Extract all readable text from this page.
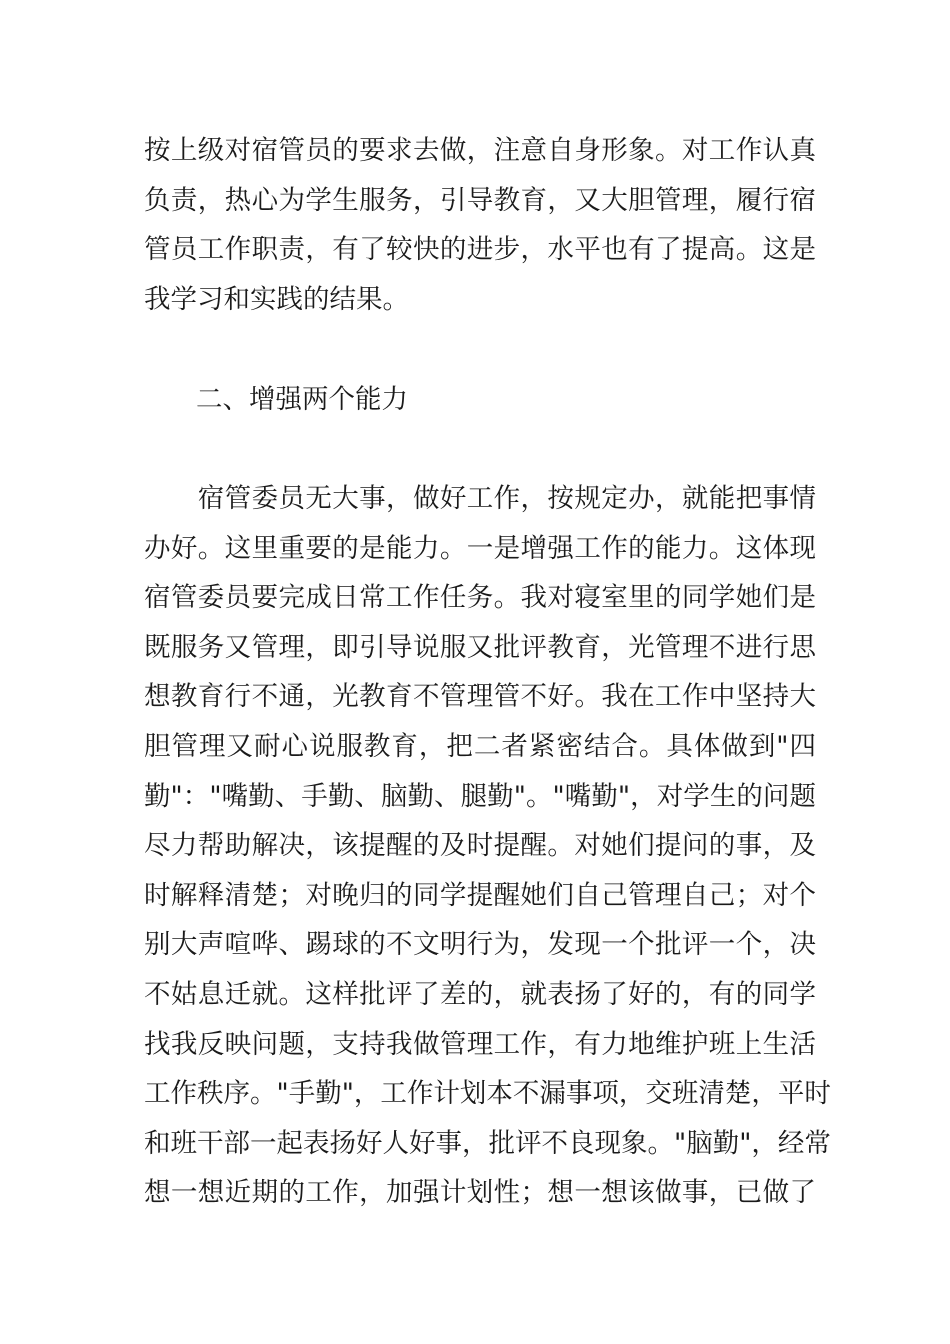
按上级对宿管员的要求去做，注意自身形象。对工作认真
负责，热心为学生服务，引导教育，又大胆管理，履行宿
管员工作职责，有了较快的进步，水平也有了提高。这是
我学习和实践的结果。
二、增强两个能力
　　宿管委员无大事，做好工作，按规定办，就能把事情
办好。这里重要的是能力。一是增强工作的能力。这体现
宿管委员要完成日常工作任务。我对寝室里的同学她们是
既服务又管理，即引导说服又批评教育，光管理不进行思
想教育行不通，光教育不管理管不好。我在工作中坚持大
胆管理又耐心说服教育，把二者紧密结合。具体做到"四
勤"："嘴勤、手勤、脑勤、腿勤"。"嘴勤"，对学生的问题
尽力帮助解决，该提醒的及时提醒。对她们提问的事，及
时解释清楚；对晚归的同学提醒她们自己管理自己；对个
别大声喧哗、踢球的不文明行为，发现一个批评一个，决
不姑息迁就。这样批评了差的，就表扬了好的，有的同学
找我反映问题，支持我做管理工作，有力地维护班上生活
工作秩序。"手勤"，工作计划本不漏事项，交班清楚，平时
和班干部一起表扬好人好事，批评不良现象。"脑勤"，经常
想一想近期的工作，加强计划性；想一想该做事，已做了
